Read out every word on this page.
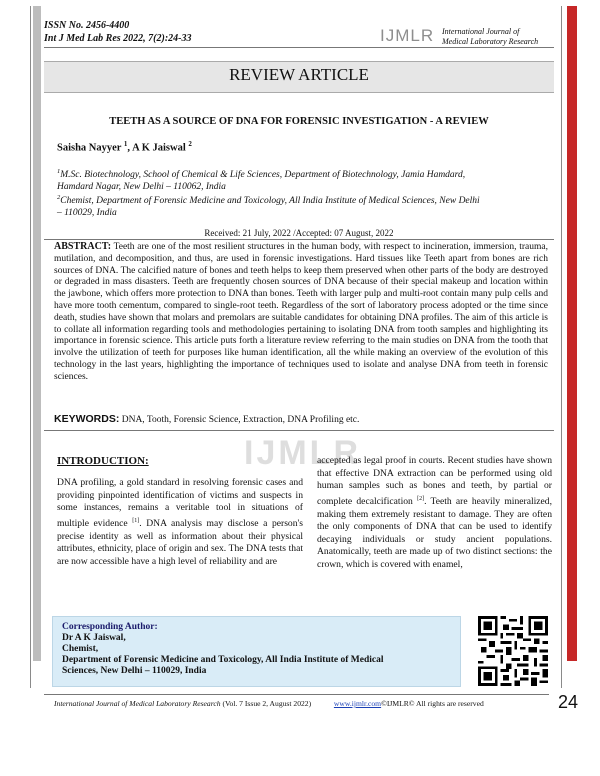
ISSN No. 2456-4400
Int J Med Lab Res 2022, 7(2):24-33	IJMLR International Journal of
Medical Laboratory Research
REVIEW ARTICLE
TEETH AS A SOURCE OF DNA FOR FORENSIC INVESTIGATION - A REVIEW
Saisha Nayyer $^1$, A K Jaiswal $^2$
$^1$M.Sc. Biotechnology, School of Chemical & Life Sciences, Department of Biotechnology, Jamia Hamdard,
Hamdard Nagar, New Delhi – 110062, India
$^2$Chemist, Department of Forensic Medicine and Toxicology, All India Institute of Medical Sciences, New Delhi
– 110029, India
Received: 21 July, 2022 /Accepted: 07 August, 2022
ABSTRACT: Teeth are one of the most resilient structures in the human body, with respect to incineration, immersion, trauma, mutilation, and decomposition, and thus, are used in forensic investigations. Hard tissues like Teeth apart from bones are rich sources of DNA. The calcified nature of bones and teeth helps to keep them preserved when other parts of the body are destroyed or degraded in mass disasters. Teeth are frequently chosen sources of DNA because of their special makeup and location within the jawbone, which offers more protection to DNA than bones. Teeth with larger pulp and multi-root contain many pulp cells and have more tooth cementum, compared to single-root teeth. Regardless of the sort of laboratory process adopted or the time since death, studies have shown that molars and premolars are suitable candidates for obtaining DNA profiles. The aim of this article is to collate all information regarding tools and methodologies pertaining to isolating DNA from tooth samples and highlighting its importance in forensic science. This article puts forth a literature review referring to the main studies on DNA from the tooth that involve the utilization of teeth for purposes like human identification, all the while making an overview of the evolution of this technology in the last years, highlighting the importance of techniques used to isolate and analyse DNA from teeth in forensic sciences.
KEYWORDS: DNA, Tooth, Forensic Science, Extraction, DNA Profiling etc.
IJMLR
INTRODUCTION:
DNA profiling, a gold standard in resolving forensic cases and providing pinpointed identification of victims and suspects in some instances, remains a veritable tool in situations of multiple evidence [1]. DNA analysis may disclose a person's precise identity as well as information about their physical attributes, ethnicity, place of origin and sex. The DNA tests that are now accessible have a high level of reliability and are
accepted as legal proof in courts. Recent studies have shown that effective DNA extraction can be performed using old human samples such as bones and teeth, by partial or complete decalcification [2]. Teeth are heavily mineralized, making them extremely resistant to damage. They are often the only components of DNA that can be used to identify decaying individuals or study ancient populations. Anatomically, teeth are made up of two distinct sections: the crown, which is covered with enamel,
Corresponding Author:
Dr A K Jaiswal,
Chemist,
Department of Forensic Medicine and Toxicology, All India Institute of Medical
Sciences, New Delhi – 110029, India
International Journal of Medical Laboratory Research (Vol. 7 Issue 2, August 2022)	www.ijmlr.com©IJMLR© All rights are reserved	24
